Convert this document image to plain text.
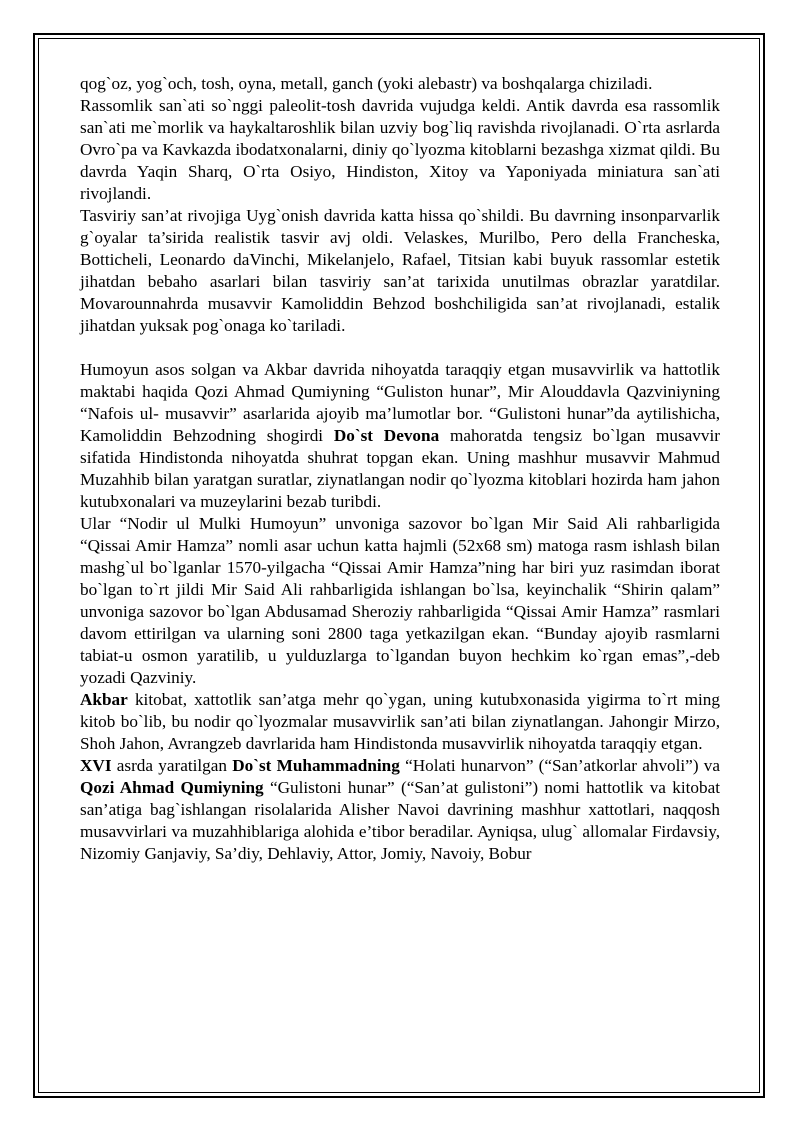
qog`oz, yog`och, tosh, oyna, metall, ganch (yoki alebastr) va boshqalarga chiziladi.

Rassomlik san`ati so`nggi paleolit-tosh davrida vujudga keldi. Antik davrda esa rassomlik san`ati me`morlik va haykaltaroshlik bilan uzviy bog`liq ravishda rivojlanadi. O`rta asrlarda Ovro`pa va Kavkazda ibodatxonalarni, diniy qo`lyozma kitoblarni bezashga xizmat qildi. Bu davrda Yaqin Sharq, O`rta Osiyo, Hindiston, Xitoy va Yaponiyada miniatura san`ati rivojlandi.

Tasviriy san’at rivojiga Uyg`onish davrida katta hissa qo`shildi. Bu davrning insonparvarlik g`oyalar ta’sirida realistik tasvir avj oldi. Velaskes, Murilbo, Pero della Francheska, Botticheli, Leonardo daVinchi, Mikelanjelo, Rafael, Titsian kabi buyuk rassomlar estetik jihatdan bebaho asarlari bilan tasviriy san’at tarixida unutilmas obrazlar yaratdilar. Movarounnahrda musavvir Kamoliddin Behzod boshchiligida san’at rivojlanadi, estalik jihatdan yuksak pog`onaga ko`tariladi.

Humoyun asos solgan va Akbar davrida nihoyatda taraqqiy etgan musavvirlik va hattotlik maktabi haqida Qozi Ahmad Qumiyning “Guliston hunar”, Mir Alouddavla Qazviniyning “Nafois ul- musavvir” asarlarida ajoyib ma’lumotlar bor. “Gulistoni hunar”da aytilishicha, Kamoliddin Behzodning shogirdi Do`st Devona mahoratda tengsiz bo`lgan musavvir sifatida Hindistonda nihoyatda shuhrat topgan ekan. Uning mashhur musavvir Mahmud Muzahhib bilan yaratgan suratlar, ziynatlangan nodir qo`lyozma kitoblari hozirda ham jahon kutubxonalari va muzeylarini bezab turibdi.

Ular “Nodir ul Mulki Humoyun” unvoniga sazovor bo`lgan Mir Said Ali rahbarligida “Qissai Amir Hamza” nomli asar uchun katta hajmli (52x68 sm) matoga rasm ishlash bilan mashg`ul bo`lganlar 1570-yilgacha “Qissai Amir Hamza”ning har biri yuz rasimdan iborat bo`lgan to`rt jildi Mir Said Ali rahbarligida ishlangan bo`lsa, keyinchalik “Shirin qalam” unvoniga sazovor bo`lgan Abdusamad Sheroziy rahbarligida “Qissai Amir Hamza” rasmlari davom ettirilgan va ularning soni 2800 taga yetkazilgan ekan. “Bunday ajoyib rasmlarni tabiat-u osmon yaratilib, u yulduzlarga to`lgandan buyon hechkim ko`rgan emas”,-deb yozadi Qazviniy.

Akbar kitobat, xattotlik san’atga mehr qo`ygan, uning kutubxonasida yigirma to`rt ming kitob bo`lib, bu nodir qo`lyozmalar musavvirlik san’ati bilan ziynatlangan. Jahongir Mirzo, Shoh Jahon, Avrangzeb davrlarida ham Hindistonda musavvirlik nihoyatda taraqqiy etgan.

XVI asrda yaratilgan Do`st Muhammadning “Holati hunarvon” (“San’atkorlar ahvoli”) va Qozi Ahmad Qumiyning “Gulistoni hunar” (“San’at gulistoni”) nomi hattotlik va kitobat san’atiga bag`ishlangan risolalarida Alisher Navoi davrining mashhur xattotlari, naqqosh musavvirlari va muzahhiblariga alohida e’tibor beradilar. Ayniqsa, ulug` allomalar Firdavsiy, Nizomiy Ganjaviy, Sa’diy, Dehlaviy, Attor, Jomiy, Navoiy, Bobur
